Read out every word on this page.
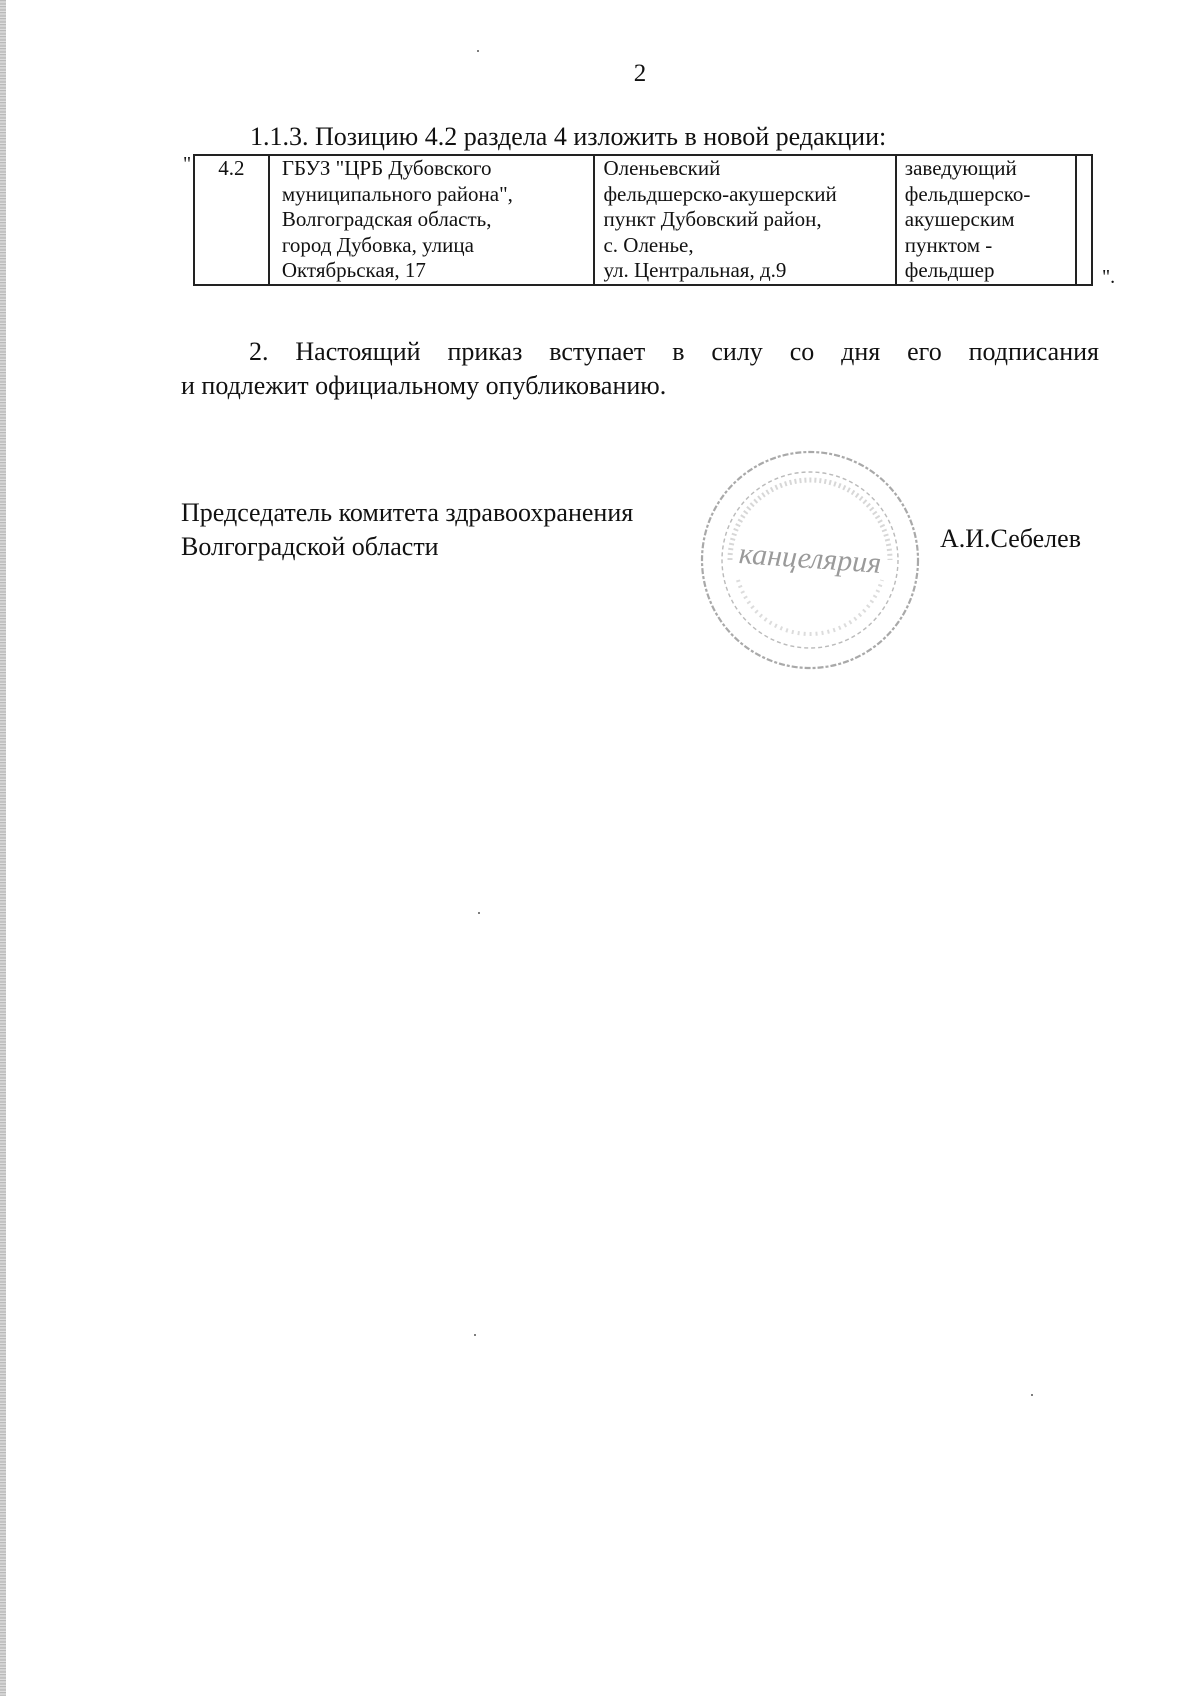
2
1.1.3. Позицию 4.2 раздела 4 изложить в новой редакции:
" 4.2	ГБУЗ "ЦРБ Дубовского
муниципального района",
Волгоградская область,
город Дубовка, улица
Октябрьская, 17

Оленьевский
фельдшерско-акушерский
пункт Дубовский район,
с. Оленье,
ул. Центральная, д.9

заведующий
фельдшерско-
акушерским
пунктом -
фельдшер
		".
2. Настоящий приказ вступает в силу со дня его подписания
и подлежит официальному опубликованию.
Председатель комитета здравоохранения
Волгоградской области	канцелярия А.И.Себелев
